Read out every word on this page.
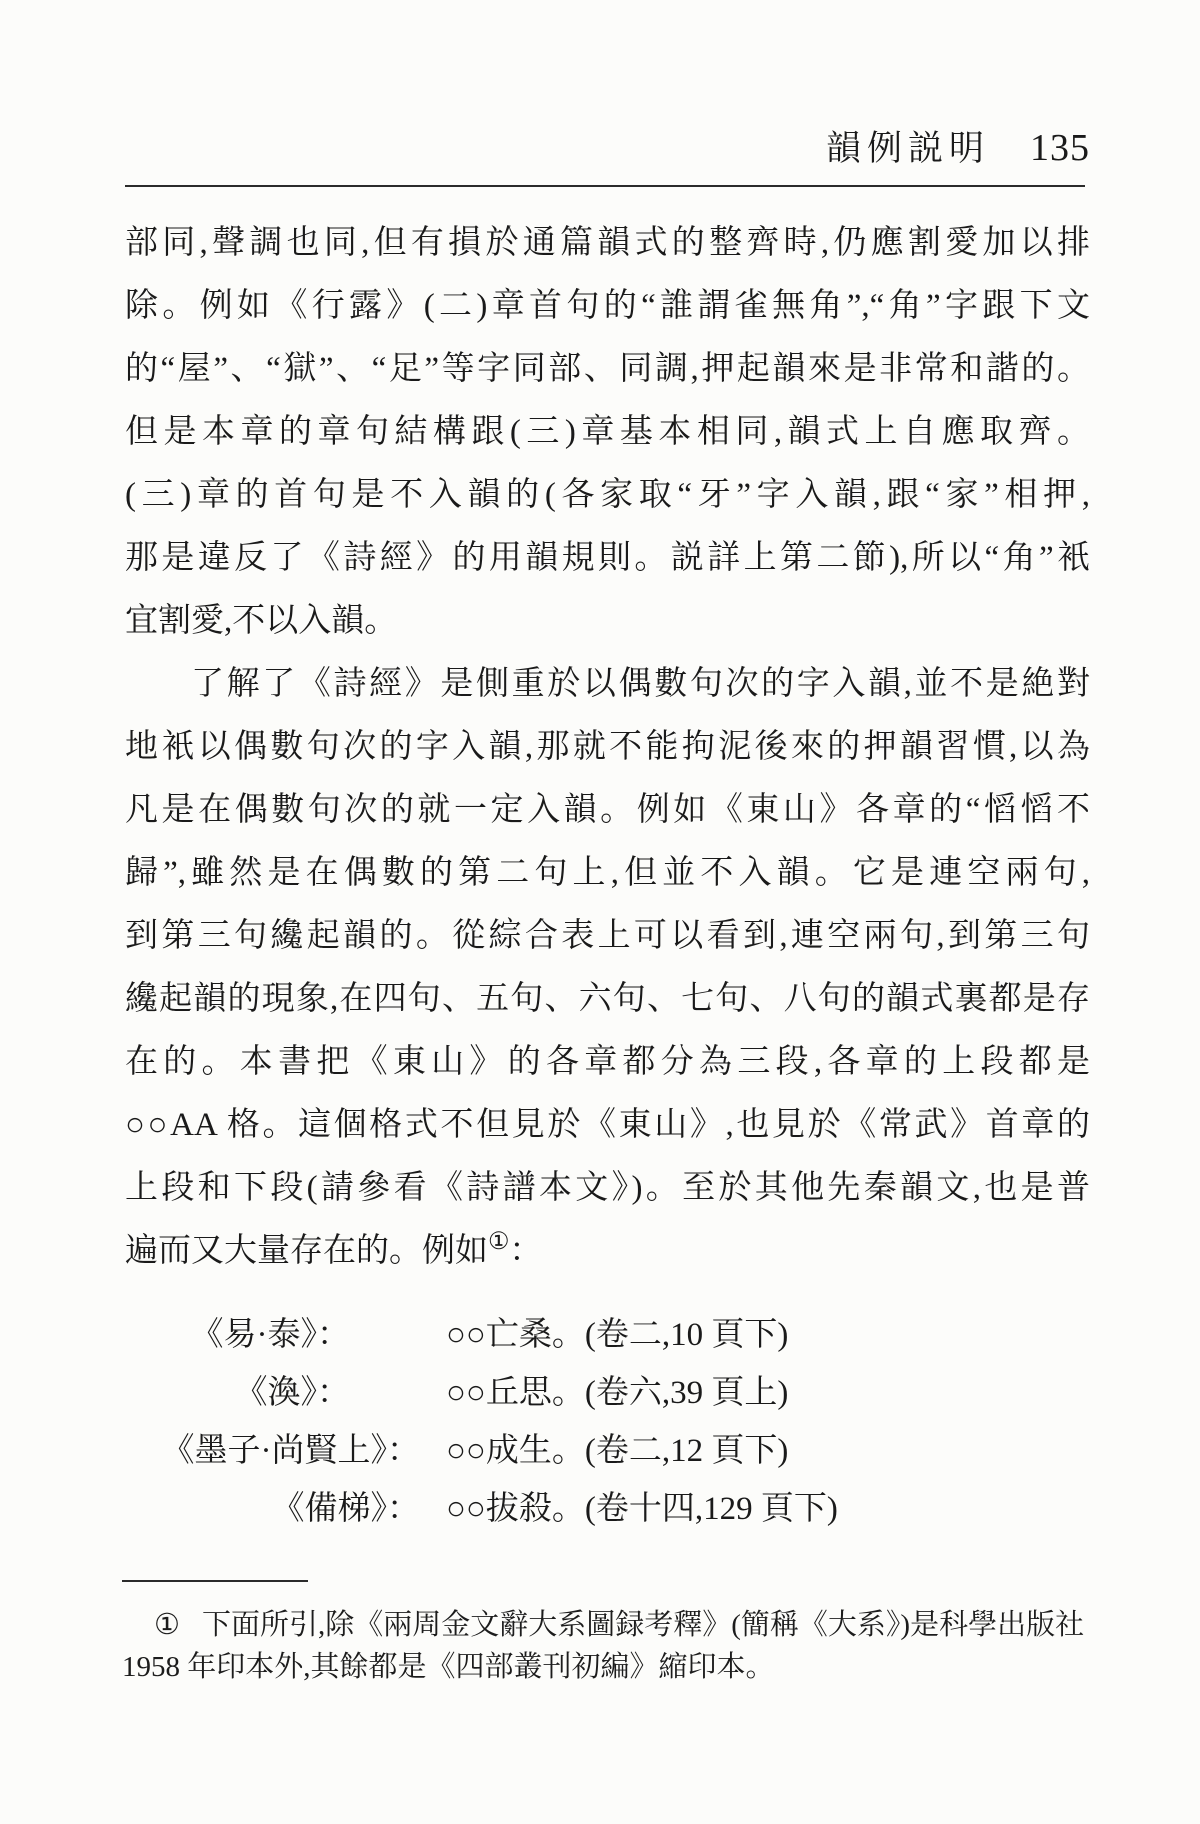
韻例説明 135
部同,聲調也同,但有損於通篇韻式的整齊時,仍應割愛加以排
除。例如《行露》(二)章首句的“誰謂雀無角”,“角”字跟下文
的“屋”、“獄”、“足”等字同部、同調,押起韻來是非常和諧的。
但是本章的章句結構跟(三)章基本相同,韻式上自應取齊。
(三)章的首句是不入韻的(各家取“牙”字入韻,跟“家”相押,
那是違反了《詩經》的用韻規則。説詳上第二節),所以“角”衹
宜割愛,不以入韻。
了解了《詩經》是側重於以偶數句次的字入韻,並不是絶對
地衹以偶數句次的字入韻,那就不能拘泥後來的押韻習慣,以為
凡是在偶數句次的就一定入韻。例如《東山》各章的“慆慆不
歸”,雖然是在偶數的第二句上,但並不入韻。它是連空兩句,
到第三句纔起韻的。從綜合表上可以看到,連空兩句,到第三句
纔起韻的現象,在四句、五句、六句、七句、八句的韻式裏都是存
在的。本書把《東山》的各章都分為三段,各章的上段都是
○○AA 格。這個格式不但見於《東山》,也見於《常武》首章的
上段和下段(請參看《詩譜本文》)。至於其他先秦韻文,也是普
遍而又大量存在的。例如①：
《易·泰》：	○○亡桑。(卷二,10 頁下)
《渙》：	○○丘思。(卷六,39 頁上)
《墨子·尚賢上》： ○○成生。(卷二,12 頁下)
《備梯》： ○○拔殺。(卷十四,129 頁下)
① 下面所引,除《兩周金文辭大系圖録考釋》(簡稱《大系》)是科學出版社
1958 年印本外,其餘都是《四部叢刊初編》縮印本。
